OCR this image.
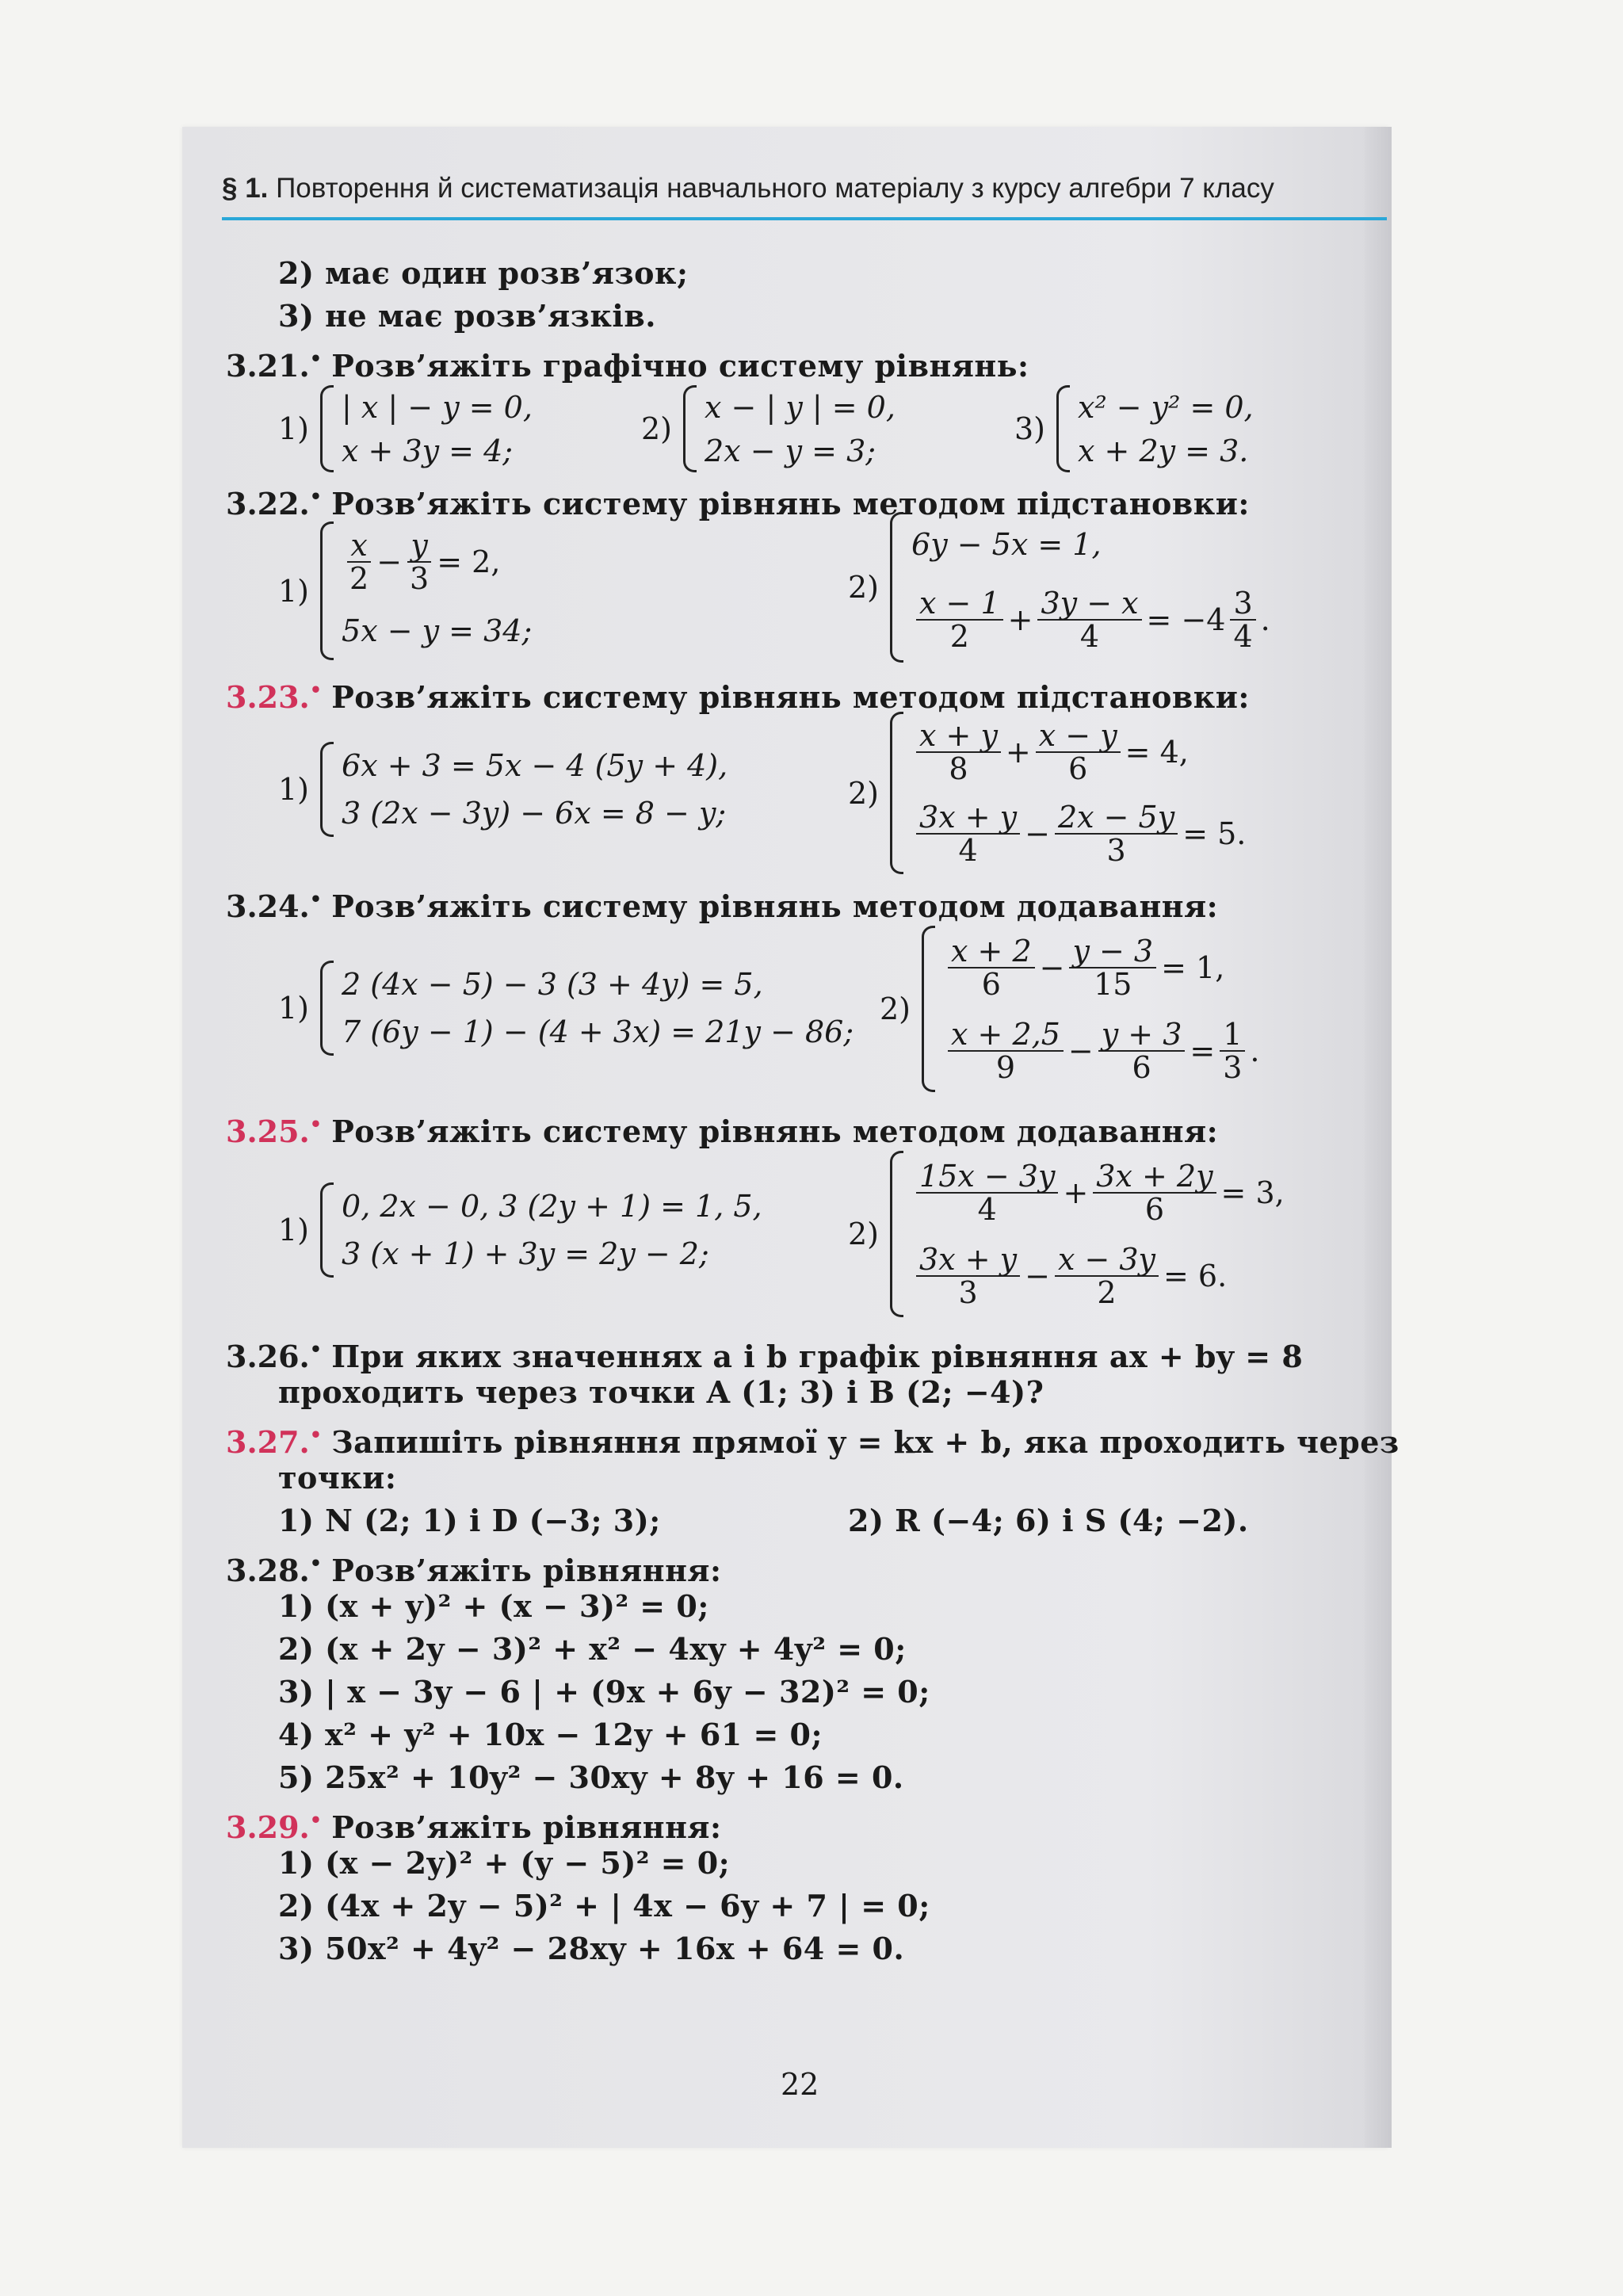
§ 1. Повторення й систематизація навчального матеріалу з курсу алгебри 7 класу
2) має один розв’язок;
3) не має розв’язків.
3.21.• Розв’яжіть графічно систему рівнянь:
1)
| x | − y = 0,
x + 3y = 4;
2)
x − | y | = 0,
2x − y = 3;
3)
x² − y² = 0,
x + 2y = 3.
3.22.• Розв’яжіть систему рівнянь методом підстановки:
$1) \frac{x}{2} - \frac{y}{3} = 2$,
5x − y = 34;
2)
6y − 5x = 1,
$\frac{x - 1}{2} + \frac{3y - x}{4} = -4 \frac{3}{4}$ .
3.23.• Розв’яжіть систему рівнянь методом підстановки:
1)
6x + 3 = 5x − 4 (5y + 4),
3 (2x − 3y) − 6x = 8 − y;
2)
$\frac{x + y}{8} + \frac{x - y}{6} = 4$,
$\frac{3x + y}{4} - \frac{2x - 5y}{3} = 5$.
3.24.• Розв’яжіть систему рівнянь методом додавання:
1)
2 (4x − 5) − 3 (3 + 4y) = 5,
7 (6y − 1) − (4 + 3x) = 21y − 86;
2)
$\frac{x + 2}{6} - \frac{y - 3}{15} = 1$,
$\frac{x + 2,5}{9} - \frac{y + 3}{6} = \frac{1}{3}$ .
3.25.• Розв’яжіть систему рівнянь методом додавання:
1)
0, 2x − 0, 3 (2y + 1) = 1, 5,
3 (x + 1) + 3y = 2y − 2;
2)
$\frac{15x - 3y}{4} + \frac{3x + 2y}{6} = 3$,
$\frac{3x + y}{3} - \frac{x - 3y}{2} = 6$.
3.26.• При яких значеннях a і b графік рівняння ax + by = 8
проходить через точки A (1; 3) і B (2; −4)?
3.27.• Запишіть рівняння прямої y = kx + b, яка проходить через
точки:
1) N (2; 1) і D (−3; 3);	2) R (−4; 6) і S (4; −2).
3.28.• Розв’яжіть рівняння:
1) (x + y)² + (x − 3)² = 0;
2) (x + 2y − 3)² + x² − 4xy + 4y² = 0;
3) | x − 3y − 6 | + (9x + 6y − 32)² = 0;
4) x² + y² + 10x − 12y + 61 = 0;
5) 25x² + 10y² − 30xy + 8y + 16 = 0.
3.29.• Розв’яжіть рівняння:
1) (x − 2y)² + (y − 5)² = 0;
2) (4x + 2y − 5)² + | 4x − 6y + 7 | = 0;
3) 50x² + 4y² − 28xy + 16x + 64 = 0.
22
